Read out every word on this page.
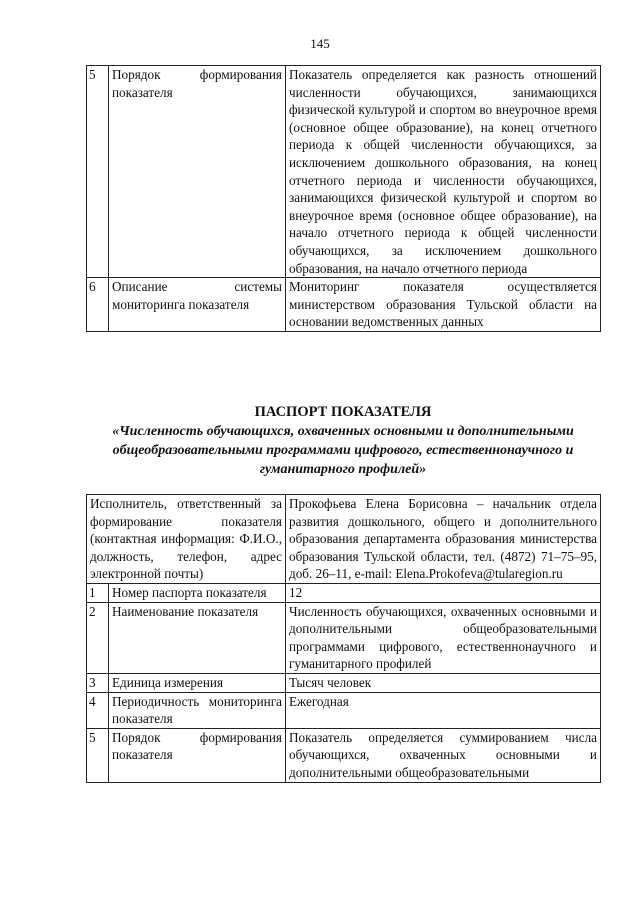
145
5	Порядок формирования показателя	Показатель определяется как разность отношений численности обучающихся, занимающихся физической культурой и спортом во внеурочное время (основное общее образование), на конец отчетного периода к общей численности обучающихся, за исключением дошкольного образования, на конец отчетного периода и численности обучающихся, занимающихся физической культурой и спортом во внеурочное время (основное общее образование), на начало отчетного периода к общей численности обучающихся, за исключением дошкольного образования, на начало отчетного периода
6	Описание системы мониторинга показателя	Мониторинг показателя осуществляется министерством образования Тульской области на основании ведомственных данных
ПАСПОРТ ПОКАЗАТЕЛЯ
«Численность обучающихся, охваченных основными и дополнительными общеобразовательными программами цифрового, естественнонаучного и гуманитарного профилей»
Исполнитель, ответственный за формирование показателя (контактная информация: Ф.И.О., должность, телефон, адрес электронной почты)		Прокофьева Елена Борисовна – начальник отдела развития дошкольного, общего и дополнительного образования департамента образования министерства образования Тульской области, тел. (4872) 71–75–95, доб. 26–11, e-mail: Elena.Prokofeva@tularegion.ru
1	Номер паспорта показателя	12
2	Наименование показателя	Численность обучающихся, охваченных основными и дополнительными общеобразовательными программами цифрового, естественнонаучного и гуманитарного профилей
3	Единица измерения	Тысяч человек
4	Периодичность мониторинга показателя	Ежегодная
5	Порядок формирования показателя	Показатель определяется суммированием числа обучающихся, охваченных основными и дополнительными общеобразовательными
